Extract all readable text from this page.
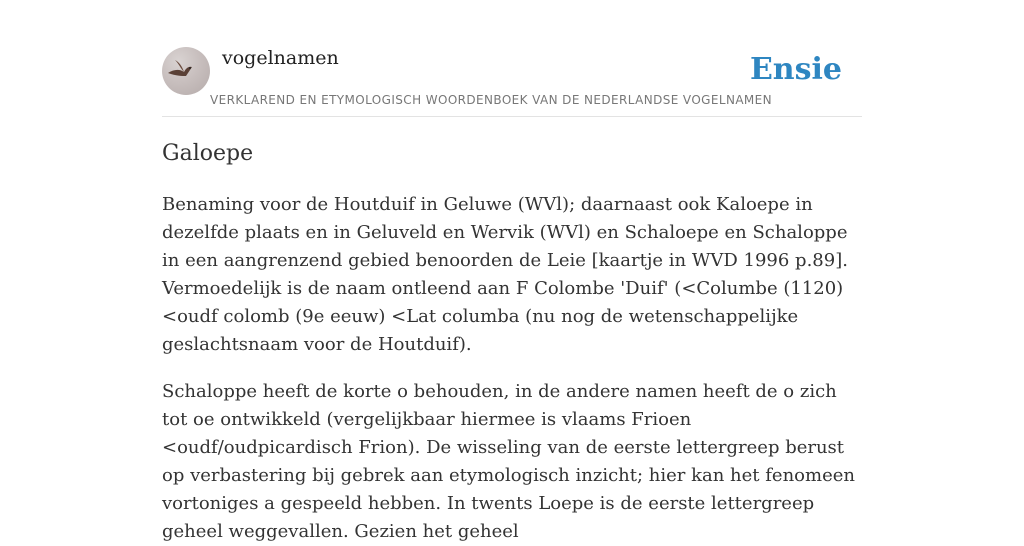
vogelnamen
VERKLAREND EN ETYMOLOGISCH WOORDENBOEK VAN DE NEDERLANDSE VOGELNAMEN
Ensie
Galoepe

Benaming voor de Houtduif in Geluwe (WVl); daarnaast ook Kaloepe in dezelfde plaats en in Geluveld en Wervik (WVl) en Schaloepe en Schaloppe in een aangrenzend gebied benoorden de Leie [kaartje in WVD 1996 p.89]. Vermoedelijk is de naam ontleend aan F Colombe 'Duif' (<Columbe (1120) <oudf colomb (9e eeuw) <Lat columba (nu nog de wetenschappelijke geslachtsnaam voor de Houtduif).

Schaloppe heeft de korte o behouden, in de andere namen heeft de o zich tot oe ontwikkeld (vergelijkbaar hiermee is vlaams Frioen <oudf/oudpicardisch Frion). De wisseling van de eerste lettergreep berust op verbastering bij gebrek aan etymologisch inzicht; hier kan het fenomeen vortoniges a gespeeld hebben. In twents Loepe is de eerste lettergreep geheel weggevallen. Gezien het geheel
